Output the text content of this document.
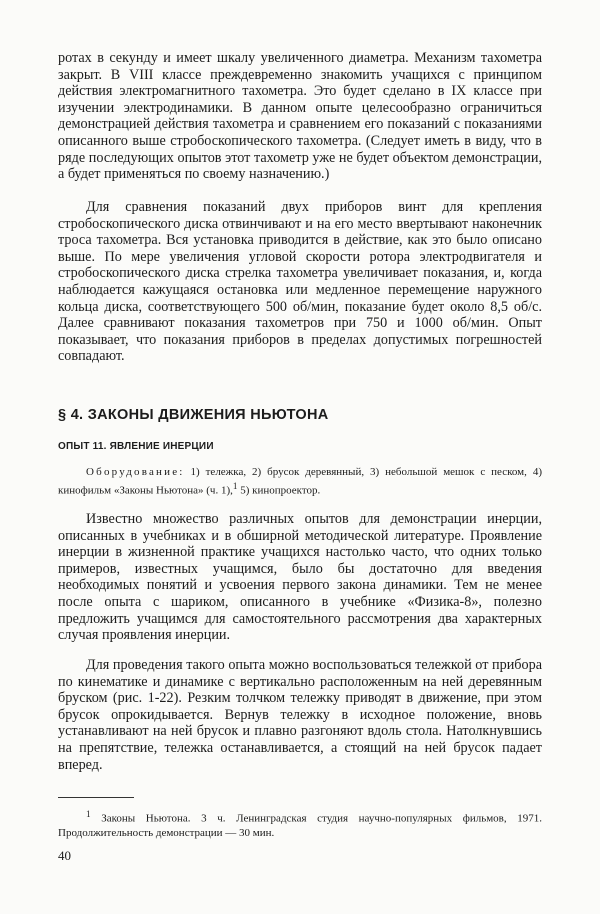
ротах в секунду и имеет шкалу увеличенного диаметра. Механизм тахометра закрыт. В VIII классе преждевременно знакомить учащихся с принципом действия электромагнитного тахометра. Это будет сделано в IX классе при изучении электродинамики. В данном опыте целесообразно ограничиться демонстрацией действия тахометра и сравнением его показаний с показаниями описанного выше стробоскопического тахометра. (Следует иметь в виду, что в ряде последующих опытов этот тахометр уже не будет объектом демонстрации, а будет применяться по своему назначению.)

Для сравнения показаний двух приборов винт для крепления стробоскопического диска отвинчивают и на его место ввертывают наконечник троса тахометра. Вся установка приводится в действие, как это было описано выше. По мере увеличения угловой скорости ротора электродвигателя и стробоскопического диска стрелка тахометра увеличивает показания, и, когда наблюдается кажущаяся остановка или медленное перемещение наружного кольца диска, соответствующего 500 об/мин, показание будет около 8,5 об/с. Далее сравнивают показания тахометров при 750 и 1000 об/мин. Опыт показывает, что показания приборов в пределах допустимых погрешностей совпадают.

§ 4. ЗАКОНЫ ДВИЖЕНИЯ НЬЮТОНА
ОПЫТ 11. ЯВЛЕНИЕ ИНЕРЦИИ

Оборудование: 1) тележка, 2) брусок деревянный, 3) небольшой мешок с песком, 4) кинофильм «Законы Ньютона» (ч. 1),$^1$ 5) кинопроектор.

Известно множество различных опытов для демонстрации инерции, описанных в учебниках и в обширной методической литературе. Проявление инерции в жизненной практике учащихся настолько часто, что одних только примеров, известных учащимся, было бы достаточно для введения необходимых понятий и усвоения первого закона динамики. Тем не менее после опыта с шариком, описанного в учебнике «Физика-8», полезно предложить учащимся для самостоятельного рассмотрения два характерных случая проявления инерции.

Для проведения такого опыта можно воспользоваться тележкой от прибора по кинематике и динамике с вертикально расположенным на ней деревянным бруском (рис. 1-22). Резким толчком тележку приводят в движение, при этом брусок опрокидывается. Вернув тележку в исходное положение, вновь устанавливают на ней брусок и плавно разгоняют вдоль стола. Натолкнувшись на препятствие, тележка останавливается, а стоящий на ней брусок падает вперед.

$^1$ Законы Ньютона. 3 ч. Ленинградская студия научно-популярных фильмов, 1971. Продолжительность демонстрации — 30 мин.

40
